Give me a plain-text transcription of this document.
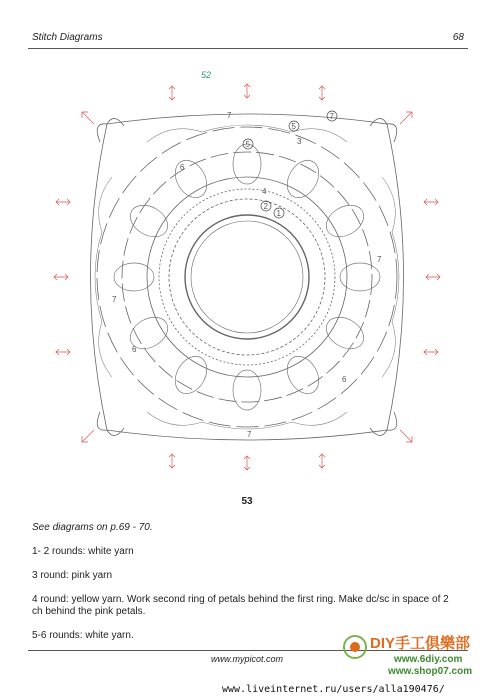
Stitch Diagrams	68
52
1
2
5
5
7
3
4
6
7
7
7
7
6
6
53
See diagrams on p.69 - 70.
1- 2 rounds: white yarn
3 round: pink yarn
4 round: yellow yarn. Work second ring of petals behind the first ring. Make dc/sc in space of 2 ch behind the pink petals.
5-6 rounds: white yarn.
www.mypicot.com
DIY手工俱樂部
www.6diy.com
www.shop07.com
www.liveinternet.ru/users/alla190476/
